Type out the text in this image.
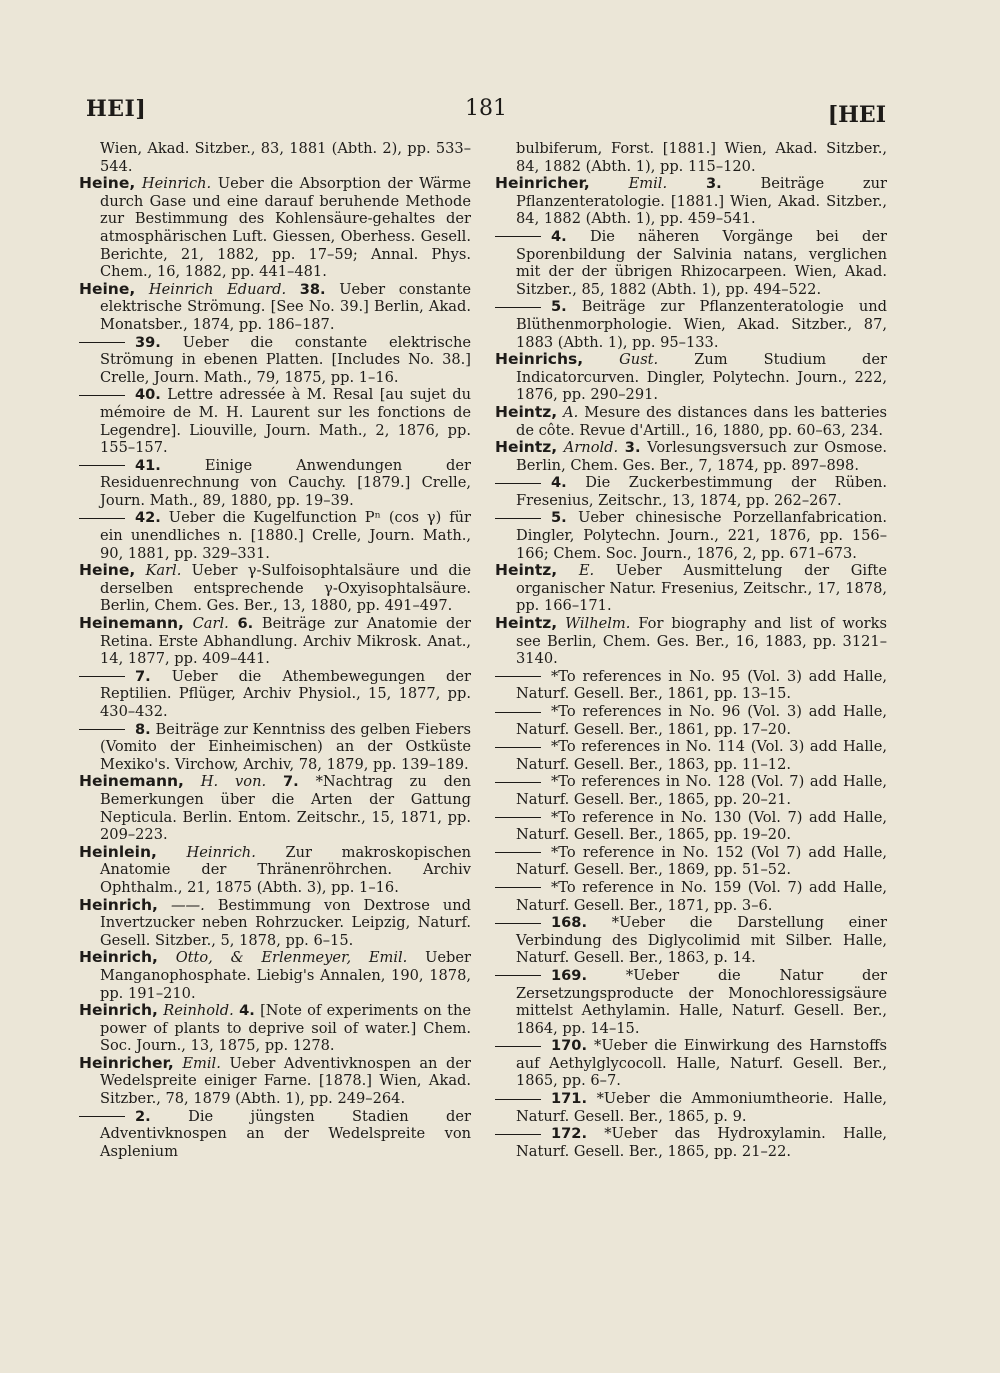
HEI]	181	[HEI
Wien, Akad. Sitzber., 83, 1881 (Abth. 2), pp. 533–544.
Heine, Heinrich. Ueber die Absorption der Wärme durch Gase und eine darauf beruhende Methode zur Bestimmung des Kohlensäure-gehaltes der atmosphärischen Luft. Giessen, Oberhess. Gesell. Berichte, 21, 1882, pp. 17–59; Annal. Phys. Chem., 16, 1882, pp. 441–481.
Heine, Heinrich Eduard. 38. Ueber constante elektrische Strömung. [See No. 39.] Berlin, Akad. Monatsber., 1874, pp. 186–187.
39. Ueber die constante elektrische Strömung in ebenen Platten. [Includes No. 38.] Crelle, Journ. Math., 79, 1875, pp. 1–16.
40. Lettre adressée à M. Resal [au sujet du mémoire de M. H. Laurent sur les fonctions de Legendre]. Liouville, Journ. Math., 2, 1876, pp. 155–157.
41.	Einige Anwendungen der Residuenrechnung von Cauchy. [1879.] Crelle, Journ. Math., 89, 1880, pp. 19–39.
42. Ueber die Kugelfunction Pⁿ (cos γ) für ein unendliches n. [1880.] Crelle, Journ. Math., 90, 1881, pp. 329–331.
Heine, Karl. Ueber γ-Sulfoisophtalsäure und die derselben entsprechende γ-Oxyisophtalsäure. Berlin, Chem. Ges. Ber., 13, 1880, pp. 491–497.
Heinemann, Carl. 6. Beiträge zur Anatomie der Retina. Erste Abhandlung. Archiv Mikrosk. Anat., 14, 1877, pp. 409–441.
7. Ueber die Athembewegungen der Reptilien. Pflüger, Archiv Physiol., 15, 1877, pp. 430–432.
8. Beiträge zur Kenntniss des gelben Fiebers (Vomito der Einheimischen) an der Ostküste Mexiko's. Virchow, Archiv, 78, 1879, pp. 139–189.
Heinemann, H. von. 7. *Nachtrag zu den Bemerkungen über die Arten der Gattung Nepticula. Berlin. Entom. Zeitschr., 15, 1871, pp. 209–223.
Heinlein, Heinrich. Zur makroskopischen Anatomie der Thränenröhrchen. Archiv Ophthalm., 21, 1875 (Abth. 3), pp. 1–16.
Heinrich, ——. Bestimmung von Dextrose und Invertzucker neben Rohrzucker. Leipzig, Naturf. Gesell. Sitzber., 5, 1878, pp. 6–15.
Heinrich, Otto, & Erlenmeyer, Emil. Ueber Manganophosphate. Liebig's Annalen, 190, 1878, pp. 191–210.
Heinrich, Reinhold. 4. [Note of experiments on the power of plants to deprive soil of water.] Chem. Soc. Journ., 13, 1875, pp. 1278.
Heinricher, Emil. Ueber Adventivknospen an der Wedelspreite einiger Farne. [1878.] Wien, Akad. Sitzber., 78, 1879 (Abth. 1), pp. 249–264.
2.	Die jüngsten Stadien der Adventivknospen an der Wedelspreite von Asplenium
bulbiferum, Forst. [1881.] Wien, Akad. Sitzber., 84, 1882 (Abth. 1), pp. 115–120.
Heinricher,	Emil.	3.	Beiträge zur Pflanzenteratologie. [1881.] Wien, Akad. Sitzber., 84, 1882 (Abth. 1), pp. 459–541.
4. Die näheren Vorgänge bei der Sporenbildung der Salvinia natans, verglichen mit der der übrigen Rhizocarpeen. Wien, Akad. Sitzber., 85, 1882 (Abth. 1), pp. 494–522.
5. Beiträge zur Pflanzenteratologie und Blüthenmorphologie. Wien, Akad. Sitzber., 87, 1883 (Abth. 1), pp. 95–133.
Heinrichs, Gust. Zum Studium der Indicatorcurven. Dingler, Polytechn. Journ., 222, 1876, pp. 290–291.
Heintz, A. Mesure des distances dans les batteries de côte. Revue d'Artill., 16, 1880, pp. 60–63, 234.
Heintz, Arnold. 3. Vorlesungsversuch zur Osmose. Berlin, Chem. Ges. Ber., 7, 1874, pp. 897–898.
4. Die Zuckerbestimmung der Rüben. Fresenius, Zeitschr., 13, 1874, pp. 262–267.
5. Ueber chinesische Porzellanfabrication. Dingler, Polytechn. Journ., 221, 1876, pp. 156–166; Chem. Soc. Journ., 1876, 2, pp. 671–673.
Heintz, E. Ueber Ausmittelung der Gifte organischer Natur. Fresenius, Zeitschr., 17, 1878, pp. 166–171.
Heintz, Wilhelm. For biography and list of works see Berlin, Chem. Ges. Ber., 16, 1883, pp. 3121–3140.
*To references in No. 95 (Vol. 3) add Halle, Naturf. Gesell. Ber., 1861, pp. 13–15.
*To references in No. 96 (Vol. 3) add Halle, Naturf. Gesell. Ber., 1861, pp. 17–20.
*To references in No. 114 (Vol. 3) add Halle, Naturf. Gesell. Ber., 1863, pp. 11–12.
*To references in No. 128 (Vol. 7) add Halle, Naturf. Gesell. Ber., 1865, pp. 20–21.
*To reference in No. 130 (Vol. 7) add Halle, Naturf. Gesell. Ber., 1865, pp. 19–20.
*To reference in No. 152 (Vol 7) add Halle, Naturf. Gesell. Ber., 1869, pp. 51–52.
*To reference in No. 159 (Vol. 7) add Halle, Naturf. Gesell. Ber., 1871, pp. 3–6.
168. *Ueber die Darstellung einer Verbindung des Diglycolimid mit Silber. Halle, Naturf. Gesell. Ber., 1863, p. 14.
169.	*Ueber die Natur der Zersetzungsproducte der Monochloressigsäure mittelst Aethylamin. Halle, Naturf. Gesell. Ber., 1864, pp. 14–15.
170. *Ueber die Einwirkung des Harnstoffs auf Aethylglycocoll. Halle, Naturf. Gesell. Ber., 1865, pp. 6–7.
171. *Ueber die Ammoniumtheorie. Halle, Naturf. Gesell. Ber., 1865, p. 9.
172. *Ueber das Hydroxylamin. Halle, Naturf. Gesell. Ber., 1865, pp. 21–22.
